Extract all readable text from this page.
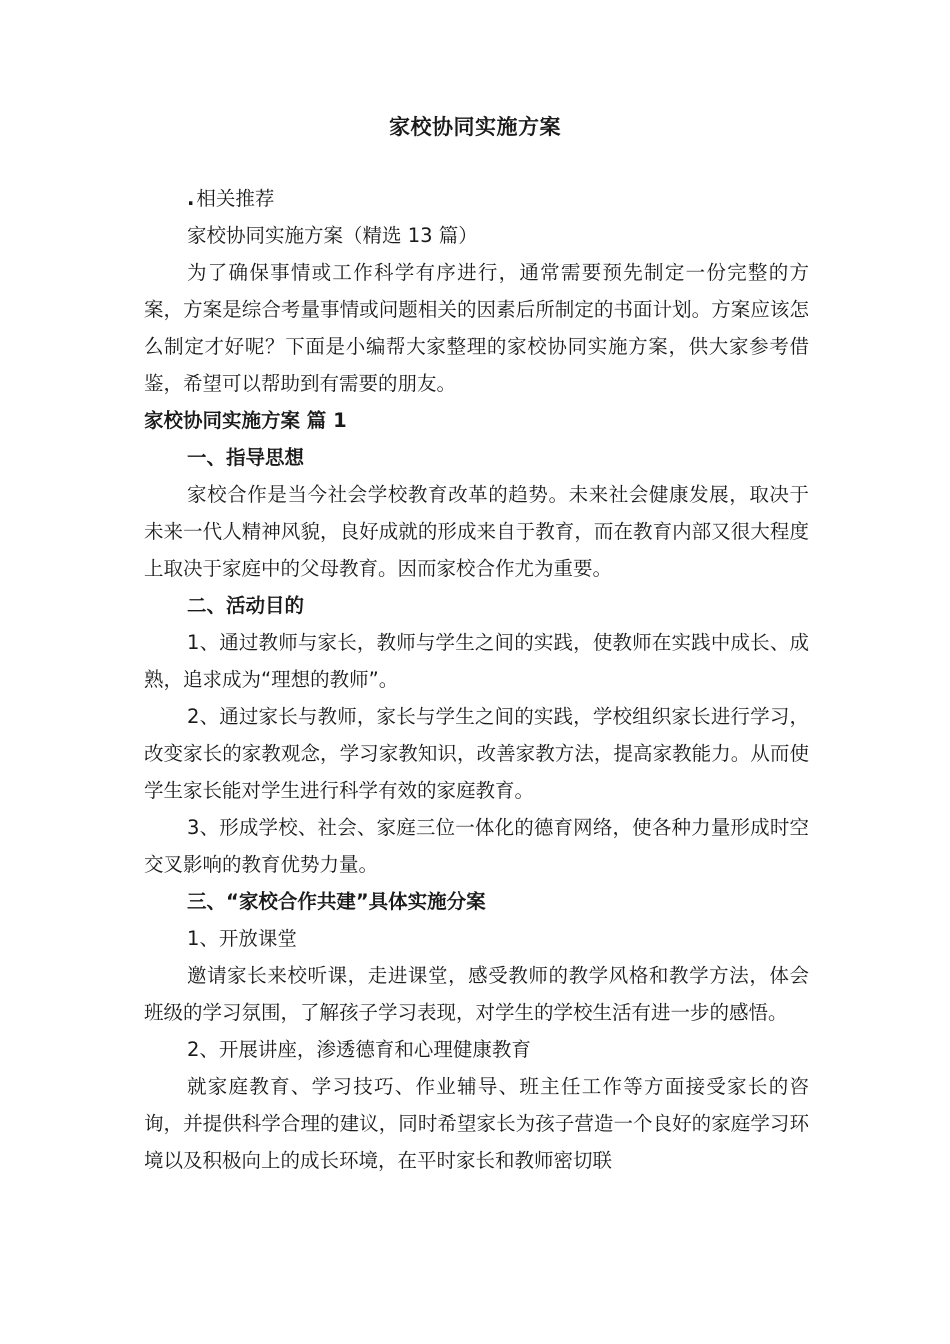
家校协同实施方案

. 相关推荐

家校协同实施方案（精选 13 篇）

为了确保事情或工作科学有序进行，通常需要预先制定一份完整的方案，方案是综合考量事情或问题相关的因素后所制定的书面计划。方案应该怎么制定才好呢？下面是小编帮大家整理的家校协同实施方案，供大家参考借鉴，希望可以帮助到有需要的朋友。

家校协同实施方案 篇 1

一、指导思想

家校合作是当今社会学校教育改革的趋势。未来社会健康发展，取决于未来一代人精神风貌，良好成就的形成来自于教育，而在教育内部又很大程度上取决于家庭中的父母教育。因而家校合作尤为重要。

二、活动目的

1、通过教师与家长，教师与学生之间的实践，使教师在实践中成长、成熟，追求成为“理想的教师”。

2、通过家长与教师，家长与学生之间的实践，学校组织家长进行学习，改变家长的家教观念，学习家教知识，改善家教方法，提高家教能力。从而使学生家长能对学生进行科学有效的家庭教育。

3、形成学校、社会、家庭三位一体化的德育网络，使各种力量形成时空交叉影响的教育优势力量。

三、“家校合作共建”具体实施分案

1、开放课堂

邀请家长来校听课，走进课堂，感受教师的教学风格和教学方法，体会班级的学习氛围，了解孩子学习表现，对学生的学校生活有进一步的感悟。

2、开展讲座，渗透德育和心理健康教育

就家庭教育、学习技巧、作业辅导、班主任工作等方面接受家长的咨询，并提供科学合理的建议，同时希望家长为孩子营造一个良好的家庭学习环境以及积极向上的成长环境，在平时家长和教师密切联
